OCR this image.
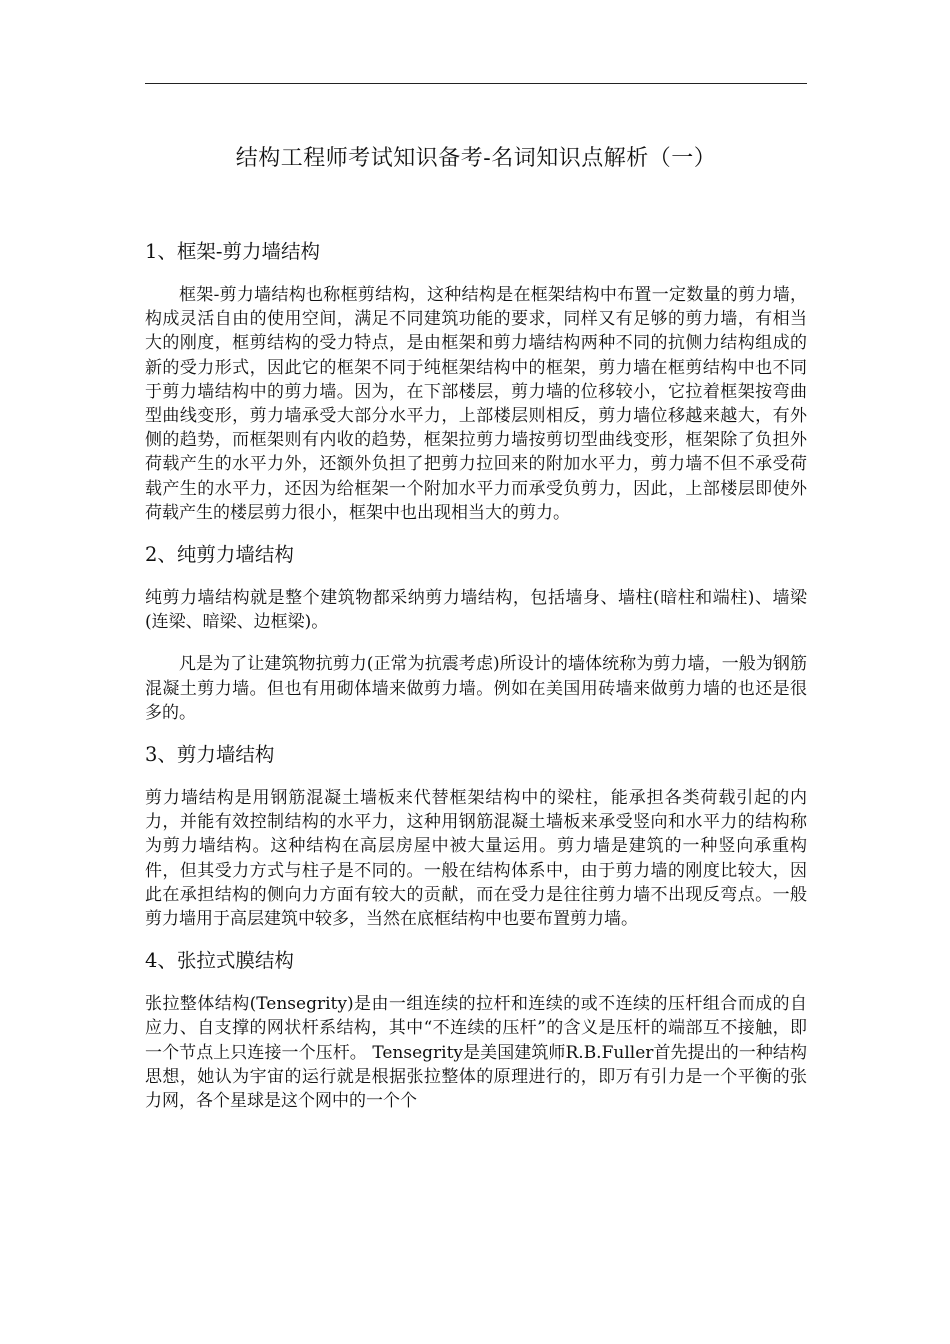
结构工程师考试知识备考-名词知识点解析（一）
1、框架-剪力墙结构

框架-剪力墙结构也称框剪结构，这种结构是在框架结构中布置一定数量的剪力墙，构成灵活自由的使用空间，满足不同建筑功能的要求，同样又有足够的剪力墙，有相当大的刚度，框剪结构的受力特点，是由框架和剪力墙结构两种不同的抗侧力结构组成的新的受力形式，因此它的框架不同于纯框架结构中的框架，剪力墙在框剪结构中也不同于剪力墙结构中的剪力墙。因为，在下部楼层，剪力墙的位移较小，它拉着框架按弯曲型曲线变形，剪力墙承受大部分水平力，上部楼层则相反，剪力墙位移越来越大，有外侧的趋势，而框架则有内收的趋势，框架拉剪力墙按剪切型曲线变形，框架除了负担外荷载产生的水平力外，还额外负担了把剪力拉回来的附加水平力，剪力墙不但不承受荷载产生的水平力，还因为给框架一个附加水平力而承受负剪力，因此，上部楼层即使外荷载产生的楼层剪力很小，框架中也出现相当大的剪力。

2、纯剪力墙结构

纯剪力墙结构就是整个建筑物都采纳剪力墙结构，包括墙身、墙柱(暗柱和端柱)、墙梁(连梁、暗梁、边框梁)。

凡是为了让建筑物抗剪力(正常为抗震考虑)所设计的墙体统称为剪力墙，一般为钢筋混凝土剪力墙。但也有用砌体墙来做剪力墙。例如在美国用砖墙来做剪力墙的也还是很多的。

3、剪力墙结构

剪力墙结构是用钢筋混凝土墙板来代替框架结构中的梁柱，能承担各类荷载引起的内力，并能有效控制结构的水平力，这种用钢筋混凝土墙板来承受竖向和水平力的结构称为剪力墙结构。这种结构在高层房屋中被大量运用。剪力墙是建筑的一种竖向承重构件，但其受力方式与柱子是不同的。一般在结构体系中，由于剪力墙的刚度比较大，因此在承担结构的侧向力方面有较大的贡献，而在受力是往往剪力墙不出现反弯点。一般剪力墙用于高层建筑中较多，当然在底框结构中也要布置剪力墙。

4、张拉式膜结构

张拉整体结构(Tensegrity)是由一组连续的拉杆和连续的或不连续的压杆组合而成的自应力、自支撑的网状杆系结构，其中“不连续的压杆”的含义是压杆的端部互不接触，即一个节点上只连接一个压杆。 Tensegrity是美国建筑师R.B.Fuller首先提出的一种结构思想，她认为宇宙的运行就是根据张拉整体的原理进行的，即万有引力是一个平衡的张力网，各个星球是这个网中的一个个
